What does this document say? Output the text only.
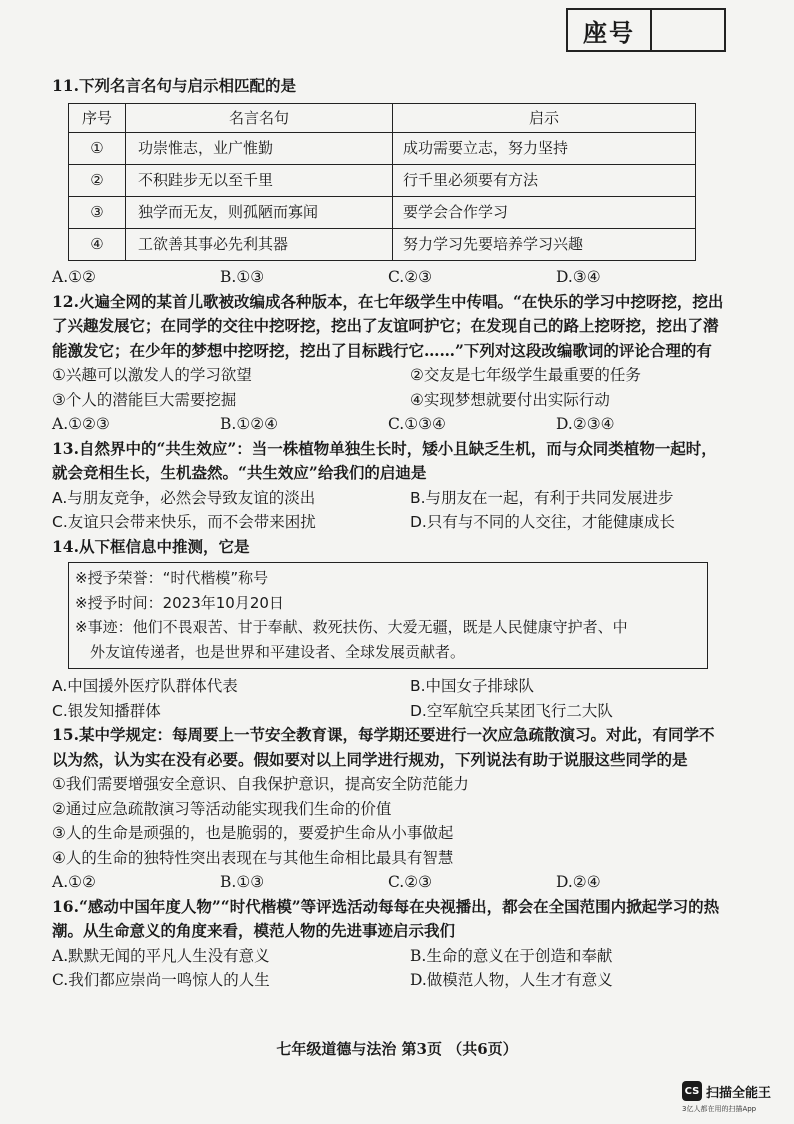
座号
11.下列名言名句与启示相匹配的是
序号	名言名句	启示
①	功崇惟志，业广惟勤	成功需要立志，努力坚持
②	不积跬步无以至千里	行千里必须要有方法
③	独学而无友，则孤陋而寡闻	要学会合作学习
④	工欲善其事必先利其器	努力学习先要培养学习兴趣
A.①②	B.①③	C.②③	D.③④
12.火遍全网的某首儿歌被改编成各种版本，在七年级学生中传唱。“在快乐的学习中挖呀挖，挖出了兴趣发展它；在同学的交往中挖呀挖，挖出了友谊呵护它；在发现自己的路上挖呀挖，挖出了潜能激发它；在少年的梦想中挖呀挖，挖出了目标践行它……”下列对这段改编歌词的评论合理的有
①兴趣可以激发人的学习欲望	②交友是七年级学生最重要的任务
③个人的潜能巨大需要挖掘	④实现梦想就要付出实际行动
A.①②③	B.①②④	C.①③④	D.②③④
13.自然界中的“共生效应”：当一株植物单独生长时，矮小且缺乏生机，而与众同类植物一起时，就会竞相生长，生机盎然。“共生效应”给我们的启迪是
A.与朋友竞争，必然会导致友谊的淡出	B.与朋友在一起，有利于共同发展进步
C.友谊只会带来快乐，而不会带来困扰	D.只有与不同的人交往，才能健康成长
14.从下框信息中推测，它是
※授予荣誉：“时代楷模”称号
※授予时间：2023年10月20日
※事迹：他们不畏艰苦、甘于奉献、救死扶伤、大爱无疆，既是人民健康守护者、中
外友谊传递者，也是世界和平建设者、全球发展贡献者。
A.中国援外医疗队群体代表	B.中国女子排球队
C.银发知播群体	D.空军航空兵某团飞行二大队
15.某中学规定：每周要上一节安全教育课，每学期还要进行一次应急疏散演习。对此，有同学不以为然，认为实在没有必要。假如要对以上同学进行规劝，下列说法有助于说服这些同学的是
①我们需要增强安全意识、自我保护意识，提高安全防范能力
②通过应急疏散演习等活动能实现我们生命的价值
③人的生命是顽强的，也是脆弱的，要爱护生命从小事做起
④人的生命的独特性突出表现在与其他生命相比最具有智慧
A.①②	B.①③	C.②③	D.②④
16.“感动中国年度人物”“时代楷模”等评选活动每每在央视播出，都会在全国范围内掀起学习的热潮。从生命意义的角度来看，模范人物的先进事迹启示我们
A.默默无闻的平凡人生没有意义	B.生命的意义在于创造和奉献
C.我们都应崇尚一鸣惊人的人生	D.做模范人物，人生才有意义
七年级道德与法治 第3页 （共6页）
CS 扫描全能王
3亿人都在用的扫描App
